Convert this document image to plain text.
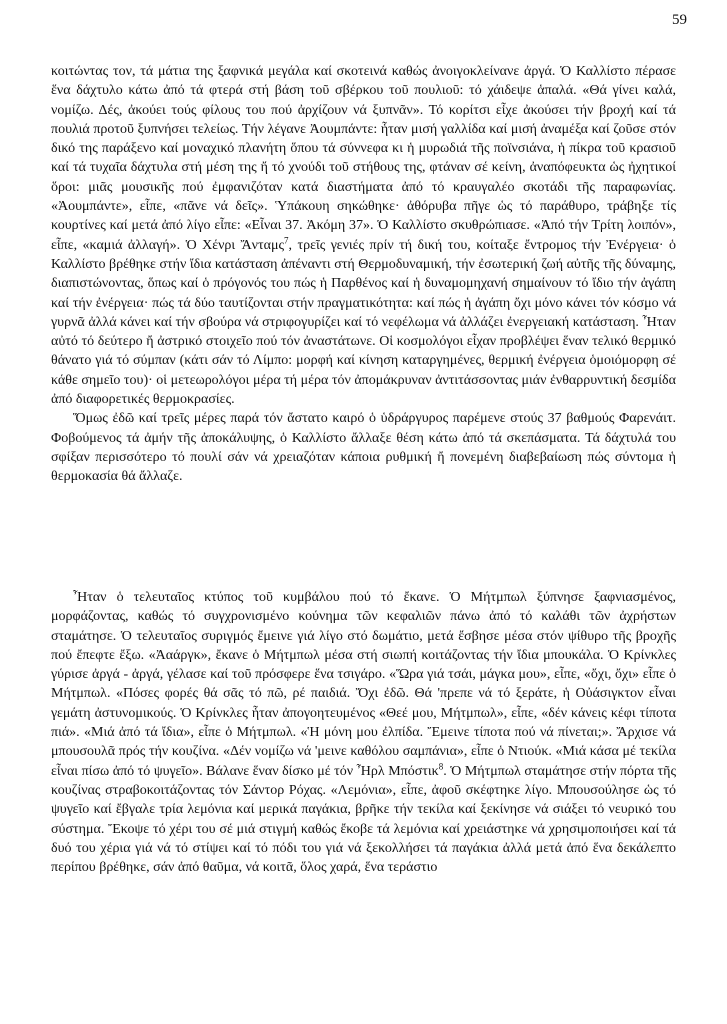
59

κοιτώντας τον, τά μάτια της ξαφνικά μεγάλα καί σκοτεινά καθώς ἀνοιγοκλείνανε ἀργά. Ὁ Καλλίστο πέρασε ἕνα δάχτυλο κάτω ἀπό τά φτερά στή βάση τοῦ σβέρκου τοῦ πουλιοῦ: τό χάιδεψε ἁπαλά. «Θά γίνει καλά, νομίζω. Δές, ἀκούει τούς φίλους του πού ἀρχίζουν νά ξυπνᾶν». Τό κορίτσι εἶχε ἀκούσει τήν βροχή καί τά πουλιά προτοῦ ξυπνήσει τελείως. Τήν λέγανε Ἀουμπάντε: ἦταν μισή γαλλίδα καί μισή ἀναμέξα καί ζοῦσε στόν δικό της παράξενο καί μοναχικό πλανήτη ὅπου τά σύννεφα κι ἡ μυρωδιά τῆς ποϊνσιάνα, ἡ πίκρα τοῦ κρασιοῦ καί τά τυχαῖα δάχτυλα στή μέση της ἤ τό χνούδι τοῦ στήθους της, φτάναν σέ κείνη, ἀναπόφευκτα ὡς ἠχητικοί ὅροι: μιᾶς μουσικῆς πού ἐμφανιζόταν κατά διαστήματα ἀπό τό κραυγαλέο σκοτάδι τῆς παραφωνίας. «Ἀουμπάντε», εἶπε, «πᾶνε νά δεῖς». Ὑπάκουη σηκώθηκε· ἀθόρυβα πῆγε ὡς τό παράθυρο, τράβηξε τίς κουρτίνες καί μετά ἀπό λίγο εἶπε: «Εἶναι 37. Ἀκόμη 37». Ὁ Καλλίστο σκυθρώπιασε. «Ἀπό τήν Τρίτη λοιπόν», εἶπε, «καμιά ἀλλαγή». Ὁ Χένρι Ἄνταμς$^7$, τρεῖς γενιές πρίν τή δική του, κοίταξε ἔντρομος τήν Ἐνέργεια· ὁ Καλλίστο βρέθηκε στήν ἴδια κατάσταση ἀπέναντι στή Θερμοδυναμική, τήν ἐσωτερική ζωή αὐτῆς τῆς δύναμης, διαπιστώνοντας, ὅπως καί ὁ πρόγονός του πώς ἡ Παρθένος καί ἡ δυναμομηχανή σημαίνουν τό ἴδιο τήν ἀγάπη καί τήν ἐνέργεια· πώς τά δύο ταυτίζονται στήν πραγματικότητα: καί πώς ἡ ἀγάπη ὄχι μόνο κάνει τόν κόσμο νά γυρνᾶ ἀλλά κάνει καί τήν σβούρα νά στριφογυρίζει καί τό νεφέλωμα νά ἀλλάζει ἐνεργειακή κατάσταση. Ἦταν αὐτό τό δεύτερο ἤ ἀστρικό στοιχεῖο πού τόν ἀναστάτωνε. Οἱ κοσμολόγοι εἶχαν προβλέψει ἕναν τελικό θερμικό θάνατο γιά τό σύμπαν (κάτι σάν τό Λίμπο: μορφή καί κίνηση καταργημένες, θερμική ἐνέργεια ὁμοιόμορφη σέ κάθε σημεῖο του)· οἱ μετεωρολόγοι μέρα τή μέρα τόν ἀπομάκρυναν ἀντιτάσσοντας μιάν ἐνθαρρυντική δεσμίδα ἀπό διαφορετικές θερμοκρασίες.

Ὅμως ἐδῶ καί τρεῖς μέρες παρά τόν ἄστατο καιρό ὁ ὑδράργυρος παρέμενε στούς 37 βαθμούς Φαρενάιτ. Φοβούμενος τά ἀμήν τῆς ἀποκάλυψης, ὁ Καλλίστο ἄλλαξε θέση κάτω ἀπό τά σκεπάσματα. Τά δάχτυλά του σφίξαν περισσότερο τό πουλί σάν νά χρειαζόταν κάποια ρυθμική ἤ πονεμένη διαβεβαίωση πώς σύντομα ἡ θερμοκασία θά ἄλλαζε.

Ἦταν ὁ τελευταῖος κτύπος τοῦ κυμβάλου πού τό ἔκανε. Ὁ Μήτμπωλ ξύπνησε ξαφνιασμένος, μορφάζοντας, καθώς τό συγχρονισμένο κούνημα τῶν κεφαλιῶν πάνω ἀπό τό καλάθι τῶν ἀχρήστων σταμάτησε. Ὁ τελευταῖος συριγμός ἔμεινε γιά λίγο στό δωμάτιο, μετά ἔσβησε μέσα στόν ψίθυρο τῆς βροχῆς πού ἔπεφτε ἔξω. «Ἀαάργκ», ἔκανε ὁ Μήτμπωλ μέσα στή σιωπή κοιτάζοντας τήν ἴδια μπουκάλα. Ὁ Κρίνκλες γύρισε ἀργά - ἀργά, γέλασε καί τοῦ πρόσφερε ἕνα τσιγάρο. «Ὥρα γιά τσάι, μάγκα μου», εἶπε, «ὄχι, ὄχι» εἶπε ὁ Μήτμπωλ. «Πόσες φορές θά σᾶς τό πῶ, ρέ παιδιά. Ὄχι ἐδῶ. Θά 'πρεπε νά τό ξεράτε, ἡ Οὐάσιγκτον εἶναι γεμάτη ἀστυνομικούς. Ὁ Κρίνκλες ἦταν ἀπογοητευμένος «Θεέ μου, Μήτμπωλ», εἶπε, «δέν κάνεις κέφι τίποτα πιά». «Μιά ἀπό τά ἴδια», εἶπε ὁ Μήτμπωλ. «Ἡ μόνη μου ἐλπίδα. Ἔμεινε τίποτα πού νά πίνεται;». Ἄρχισε νά μπουσουλᾶ πρός τήν κουζίνα. «Δέν νομίζω νά 'μεινε καθόλου σαμπάνια», εἶπε ὁ Ντιούκ. «Μιά κάσα μέ τεκίλα εἶναι πίσω ἀπό τό ψυγεῖο». Βάλανε ἕναν δίσκο μέ τόν Ἦρλ Μπόστικ$^8$. Ὁ Μήτμπωλ σταμάτησε στήν πόρτα τῆς κουζίνας στραβοκοιτάζοντας τόν Σάντορ Ρόχας. «Λεμόνια», εἶπε, ἀφοῦ σκέφτηκε λίγο. Μπουσούλησε ὡς τό ψυγεῖο καί ἔβγαλε τρία λεμόνια καί μερικά παγάκια, βρῆκε τήν τεκίλα καί ξεκίνησε νά σιάξει τό νευρικό του σύστημα. Ἔκοψε τό χέρι του σέ μιά στιγμή καθώς ἔκοβε τά λεμόνια καί χρειάστηκε νά χρησιμοποιήσει καί τά δυό του χέρια γιά νά τό στίψει καί τό πόδι του γιά νά ξεκολλήσει τά παγάκια ἀλλά μετά ἀπό ἕνα δεκάλεπτο περίπου βρέθηκε, σάν ἀπό θαῦμα, νά κοιτᾶ, ὅλος χαρά, ἕνα τεράστιο
